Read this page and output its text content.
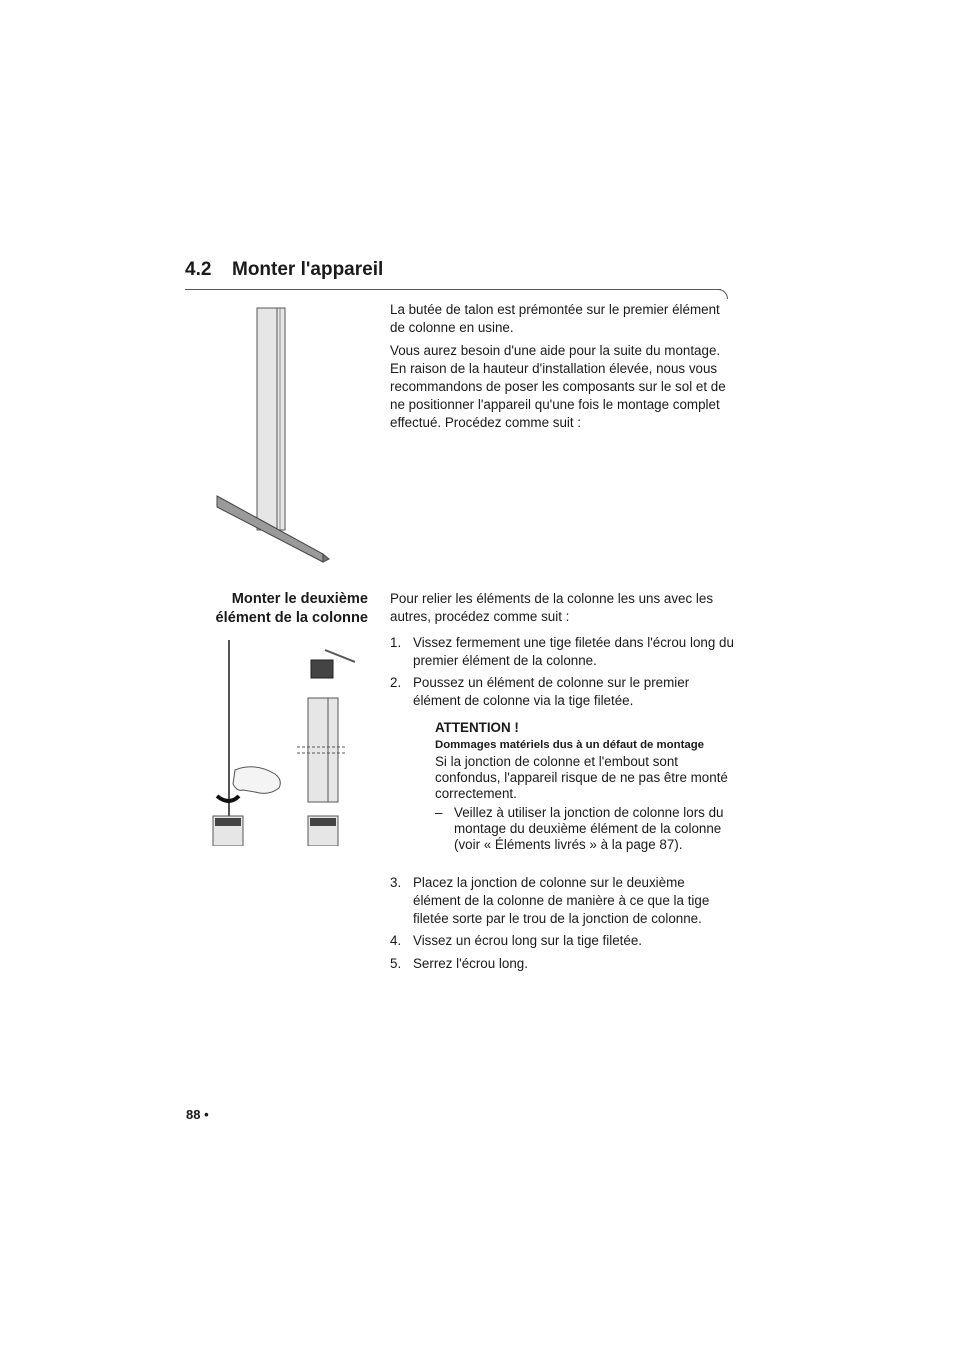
4.2 Monter l'appareil

La butée de talon est prémontée sur le premier élément de colonne en usine.

Vous aurez besoin d'une aide pour la suite du montage. En raison de la hauteur d'installation élevée, nous vous recommandons de poser les composants sur le sol et de ne positionner l'appareil qu'une fois le montage complet effectué. Procédez comme suit :

Monter le deuxième élément de la colonne

Pour relier les éléments de la colonne les uns avec les autres, procédez comme suit :

1. Vissez fermement une tige filetée dans l'écrou long du premier élément de la colonne.
2. Poussez un élément de colonne sur le premier élément de colonne via la tige filetée.
ATTENTION !
Dommages matériels dus à un défaut de montage
Si la jonction de colonne et l'embout sont confondus, l'appareil risque de ne pas être monté correctement.
– Veillez à utiliser la jonction de colonne lors du montage du deuxième élément de la colonne (voir « Éléments livrés » à la page 87).
3. Placez la jonction de colonne sur le deuxième élément de la colonne de manière à ce que la tige filetée sorte par le trou de la jonction de colonne.
4. Vissez un écrou long sur la tige filetée.
5. Serrez l'écrou long.
88 •
